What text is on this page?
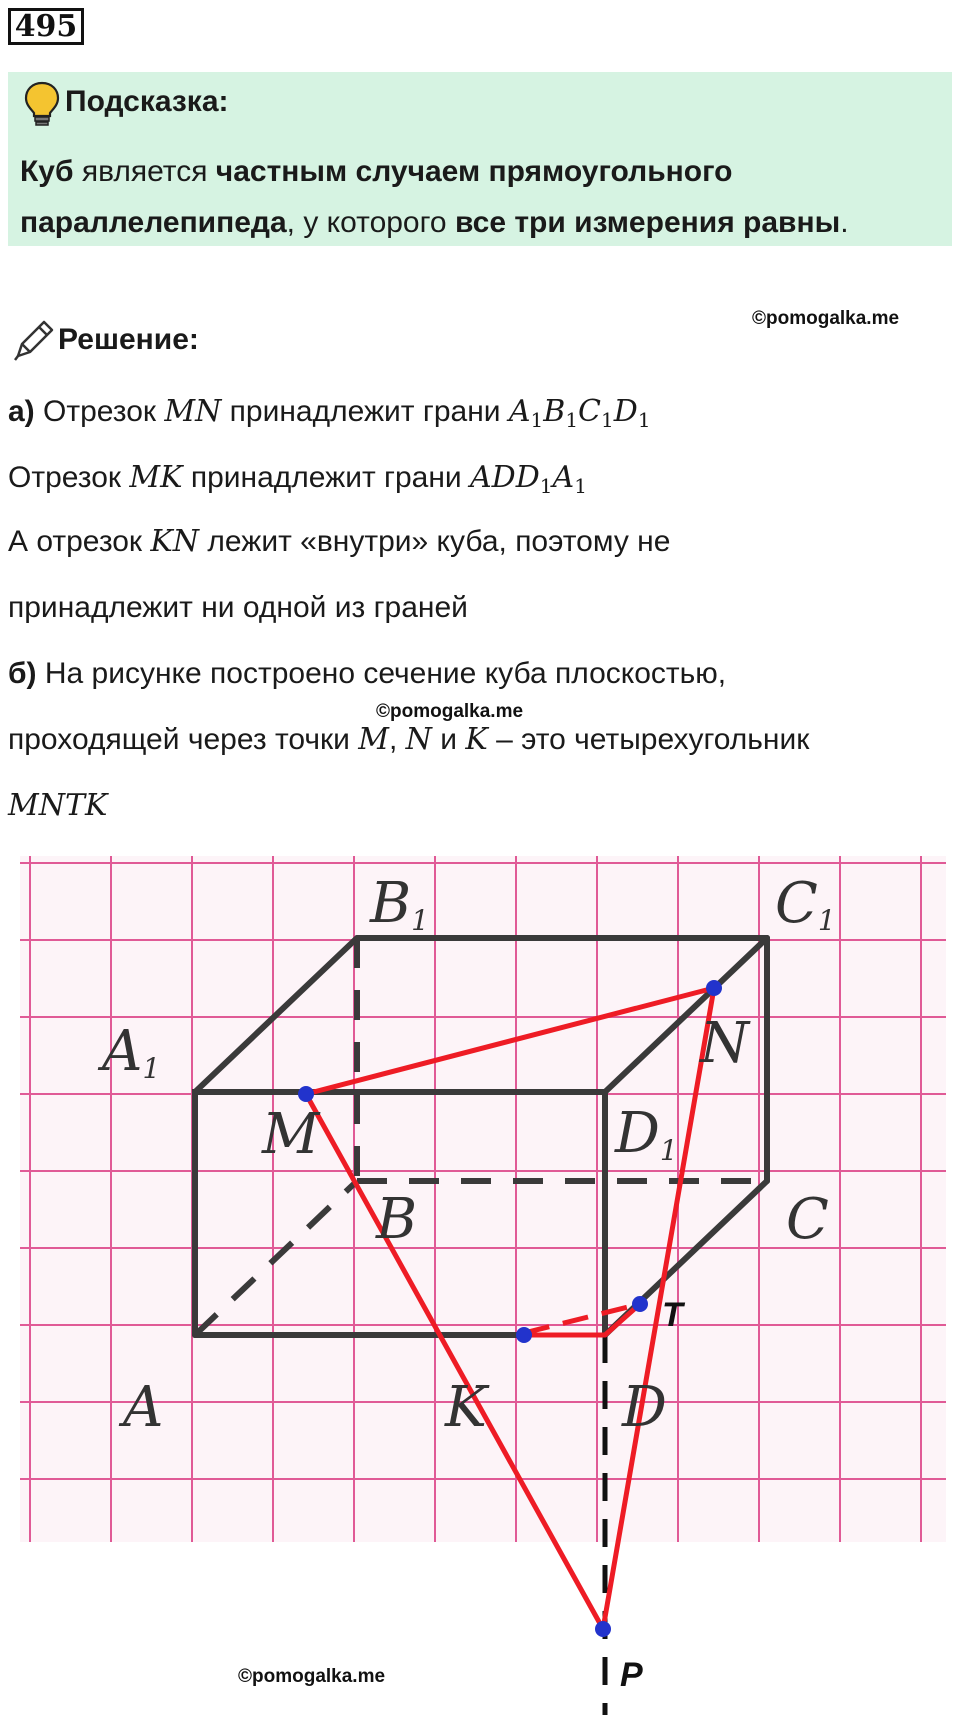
495
Подсказка:
Куб является частным случаем прямоугольного параллелепипеда, у которого все три измерения равны.
©pomogalka.me
Решение:
а) Отрезок MN принадлежит грани $A_1B_1C_1D_1$
Отрезок MK принадлежит грани $ADD_1A_1$
А отрезок KN лежит «внутри» куба, поэтому не
принадлежит ни одной из граней
б) На рисунке построено сечение куба плоскостью,
©pomogalka.me
проходящей через точки M, N и K – это четырехугольник
MNTK
B1	C1
A1
M
N
D1
B	C
A	K D
T
P
©pomogalka.me
